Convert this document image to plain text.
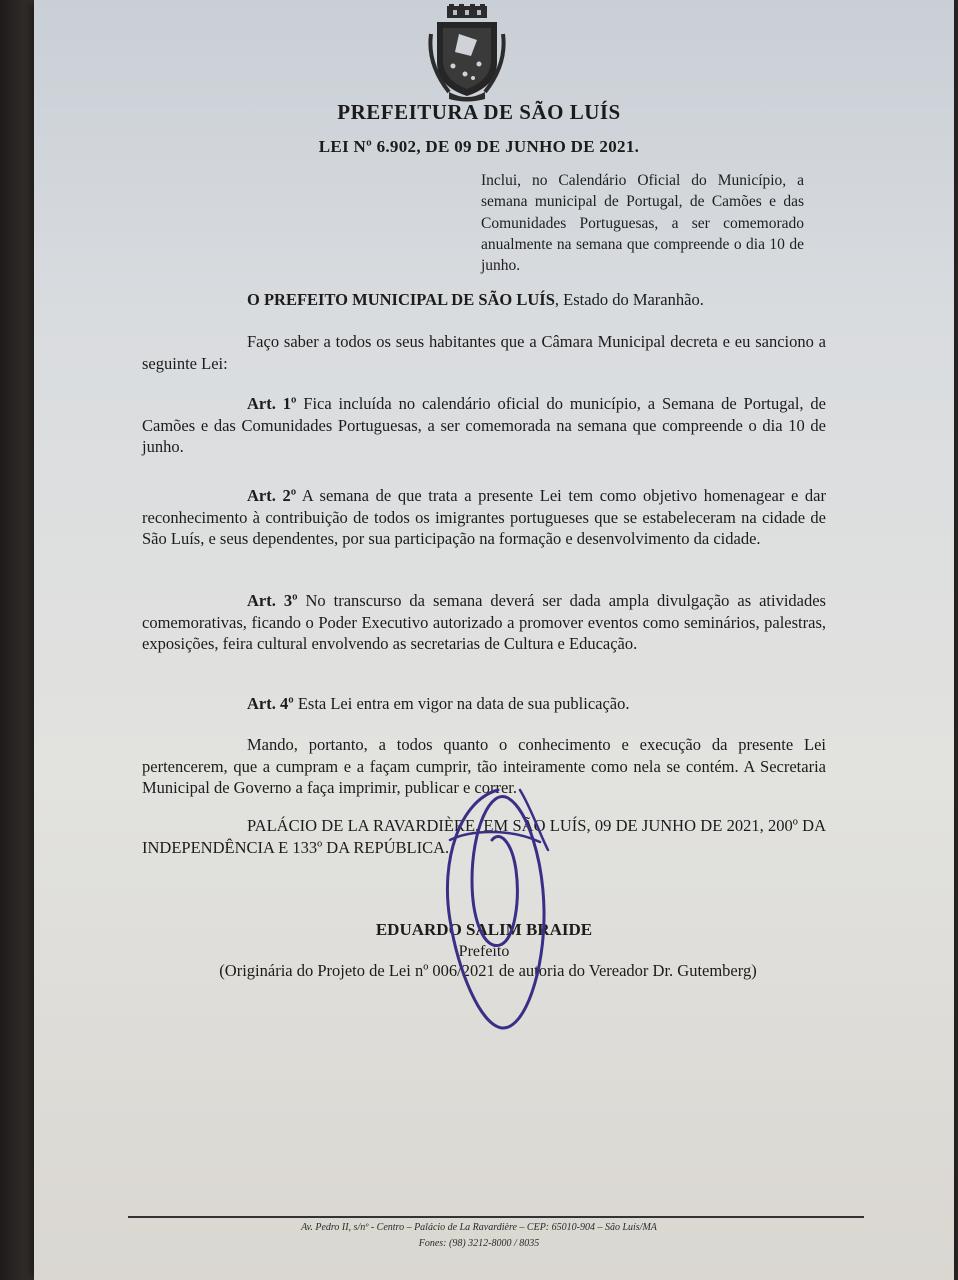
PREFEITURA DE SÃO LUÍS
LEI Nº 6.902, DE 09 DE JUNHO DE 2021.
Inclui, no Calendário Oficial do Município, a semana municipal de Portugal, de Camões e das Comunidades Portuguesas, a ser comemorado anualmente na semana que compreende o dia 10 de junho.

O PREFEITO MUNICIPAL DE SÃO LUÍS, Estado do Maranhão.

Faço saber a todos os seus habitantes que a Câmara Municipal decreta e eu sanciono a seguinte Lei:

Art. 1º Fica incluída no calendário oficial do município, a Semana de Portugal, de Camões e das Comunidades Portuguesas, a ser comemorada na semana que compreende o dia 10 de junho.

Art. 2º A semana de que trata a presente Lei tem como objetivo homenagear e dar reconhecimento à contribuição de todos os imigrantes portugueses que se estabeleceram na cidade de São Luís, e seus dependentes, por sua participação na formação e desenvolvimento da cidade.

Art. 3º No transcurso da semana deverá ser dada ampla divulgação as atividades comemorativas, ficando o Poder Executivo autorizado a promover eventos como seminários, palestras, exposições, feira cultural envolvendo as secretarias de Cultura e Educação.

Art. 4º Esta Lei entra em vigor na data de sua publicação.

Mando, portanto, a todos quanto o conhecimento e execução da presente Lei pertencerem, que a cumpram e a façam cumprir, tão inteiramente como nela se contém. A Secretaria Municipal de Governo a faça imprimir, publicar e correr.

PALÁCIO DE LA RAVARDIÈRE, EM SÃO LUÍS, 09 DE JUNHO DE 2021, 200º DA INDEPENDÊNCIA E 133º DA REPÚBLICA.

EDUARDO SALIM BRAIDE
Prefeito
(Originária do Projeto de Lei nº 006/2021 de autoria do Vereador Dr. Gutemberg)
Av. Pedro II, s/nº - Centro – Palácio de La Ravardière – CEP: 65010-904 – São Luís/MA
Fones: (98) 3212-8000 / 8035
